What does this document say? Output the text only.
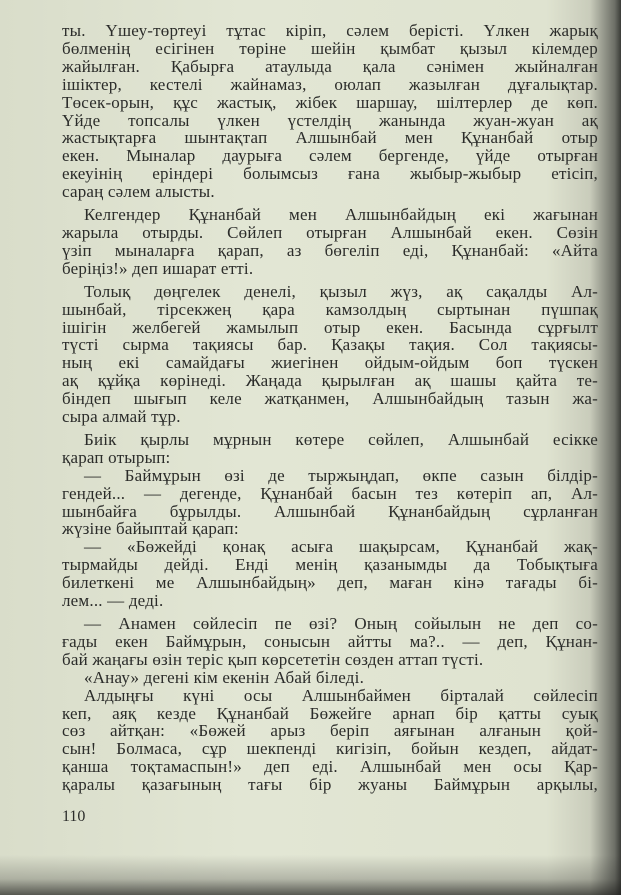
ты. Үшеу-төртеуі тұтас кіріп, сәлем берісті. Үлкен жарық
бөлменің есігінен төріне шейін қымбат қызыл кілемдер
жайылған. Қабырға атаулыда қала сәнімен жыйналған
ішіктер, кестелі жайнамаз, оюлап жазылған дұғалықтар.
Төсек-орын, құс жастық, жібек шаршау, шілтерлер де көп.
Үйде топсалы үлкен үстелдің жанында жуан-жуан ақ
жастықтарға шынтақтап Алшынбай мен Құнанбай отыр
екен. Мыналар даурыға сәлем бергенде, үйде отырған
екеуінің еріндері болымсыз ғана жыбыр-жыбыр етісіп,
сараң сәлем алысты.
Келгендер Құнанбай мен Алшынбайдың екі жағынан
жарыла отырды. Сөйлеп отырған Алшынбай екен. Сөзін
үзіп мыналарға қарап, аз бөгеліп еді, Құнанбай: «Айта
беріңіз!» деп ишарат етті.
Толық дөңгелек денелі, қызыл жүз, ақ сақалды Ал-
шынбай, тірсекжең қара камзолдың сыртынан пүшпақ
ішігін желбегей жамылып отыр екен. Басында сұрғылт
түсті сырма тақиясы бар. Қазақы тақия. Сол тақиясы-
ның екі самайдағы жиегінен ойдым-ойдым боп түскен
ақ құйқа көрінеді. Жаңада қырылған ақ шашы қайта те-
біндеп шығып келе жатқанмен, Алшынбайдың тазын жа-
сыра алмай тұр.
Биік қырлы мұрнын көтере сөйлеп, Алшынбай есікке
қарап отырып:
— Баймұрын өзі де тыржыңдап, өкпе сазын білдір-
гендей... — дегенде, Құнанбай басын тез көтеріп ап, Ал-
шынбайға бұрылды. Алшынбай Құнанбайдың сұрланған
жүзіне байыптай қарап:
— «Бөжейді қонақ асыға шақырсам, Құнанбай жақ-
тырмайды дейді. Енді менің қазанымды да Тобықтыға
билеткені ме Алшынбайдың» деп, маған кінә тағады бі-
лем... — деді.
— Анамен сөйлесіп пе өзі? Оның сойылын не деп со-
ғады екен Баймұрын, сонысын айтты ма?.. — деп, Құнан-
бай жаңағы өзін теріс қып көрсететін сөзден аттап түсті.
«Анау» дегені кім екенін Абай біледі.
Алдыңғы күні осы Алшынбаймен бірталай сөйлесіп
кеп, аяқ кезде Құнанбай Бөжейге арнап бір қатты суық
сөз айтқан: «Бөжей арыз беріп аяғынан алғанын қой-
сын! Болмаса, сұр шекпенді кигізіп, бойын кездеп, айдат-
қанша тоқтамаспын!» деп еді. Алшынбай мен осы Қар-
қаралы қазағының тағы бір жуаны Баймұрын арқылы,
110
